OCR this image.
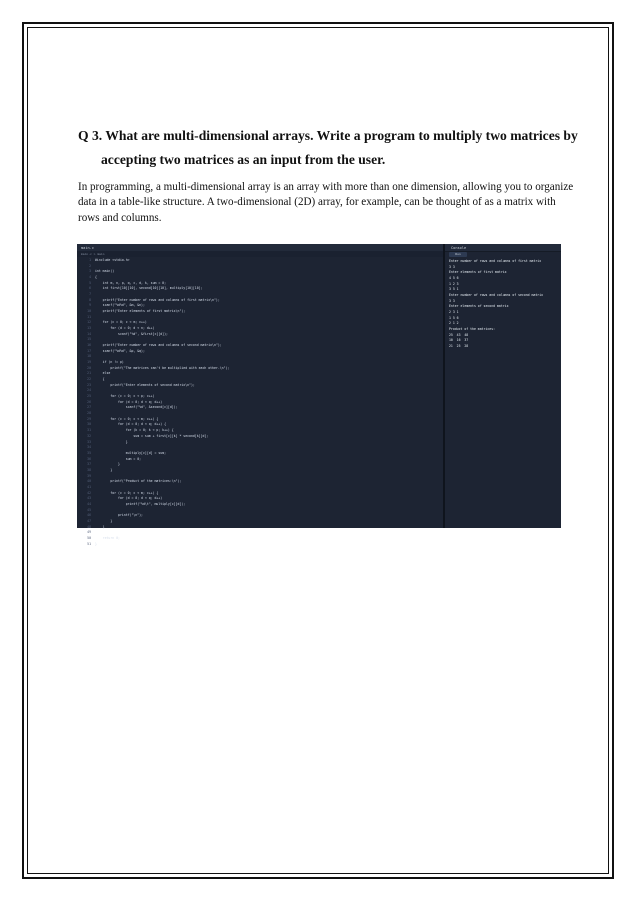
Q 3. What are multi-dimensional arrays. Write a program to multiply two matrices by
accepting two matrices as an input from the user.
In programming, a multi-dimensional array is an array with more than one dimension, allowing you to organize data in a table-like structure. A two-dimensional (2D) array, for example, can be thought of as a matrix with rows and columns.
main.c	Console
main.c > main	Run
1	#include <stdio.h>
2
3	int main()
4	{
5	int m, n, p, q, c, d, k, sum = 0;
6	int first[10][10], second[10][10], multiply[10][10];
7
8	printf("Enter number of rows and columns of first matrix\n");
9	scanf("%d%d", &m, &n);
10	printf("Enter elements of first matrix\n");
11
12	for (c = 0; c < m; c++)
13	for (d = 0; d < n; d++)
14	scanf("%d", &first[c][d]);
15
16	printf("Enter number of rows and columns of second matrix\n");
17	scanf("%d%d", &p, &q);
18
19	if (n != p)
20	printf("The matrices can't be multiplied with each other.\n");
21	else
22	{
23	printf("Enter elements of second matrix\n");
24
25	for (c = 0; c < p; c++)
26	for (d = 0; d < q; d++)
27	scanf("%d", &second[c][d]);
28
29	for (c = 0; c < m; c++) {
30	for (d = 0; d < q; d++) {
31	for (k = 0; k < p; k++) {
32	sum = sum + first[c][k] * second[k][d];
33	}
34
35	multiply[c][d] = sum;
36	sum = 0;
37	}
38	}
39
40	printf("Product of the matrices:\n");
41
42	for (c = 0; c < m; c++) {
43	for (d = 0; d < q; d++)
44	printf("%d\t", multiply[c][d]);
45
46	printf("\n");
47	}
48	}
49
50	return 0;
51	}
Enter number of rows and columns of first matrix
3 3
Enter elements of first matrix
4 5 6
1 2 3
3 5 1
Enter number of rows and columns of second matrix
3 3
Enter elements of second matrix
2 3 1
1 5 6
2 1 2
Product of the matrices:
25  43  48
10  16  37
21  25  28
